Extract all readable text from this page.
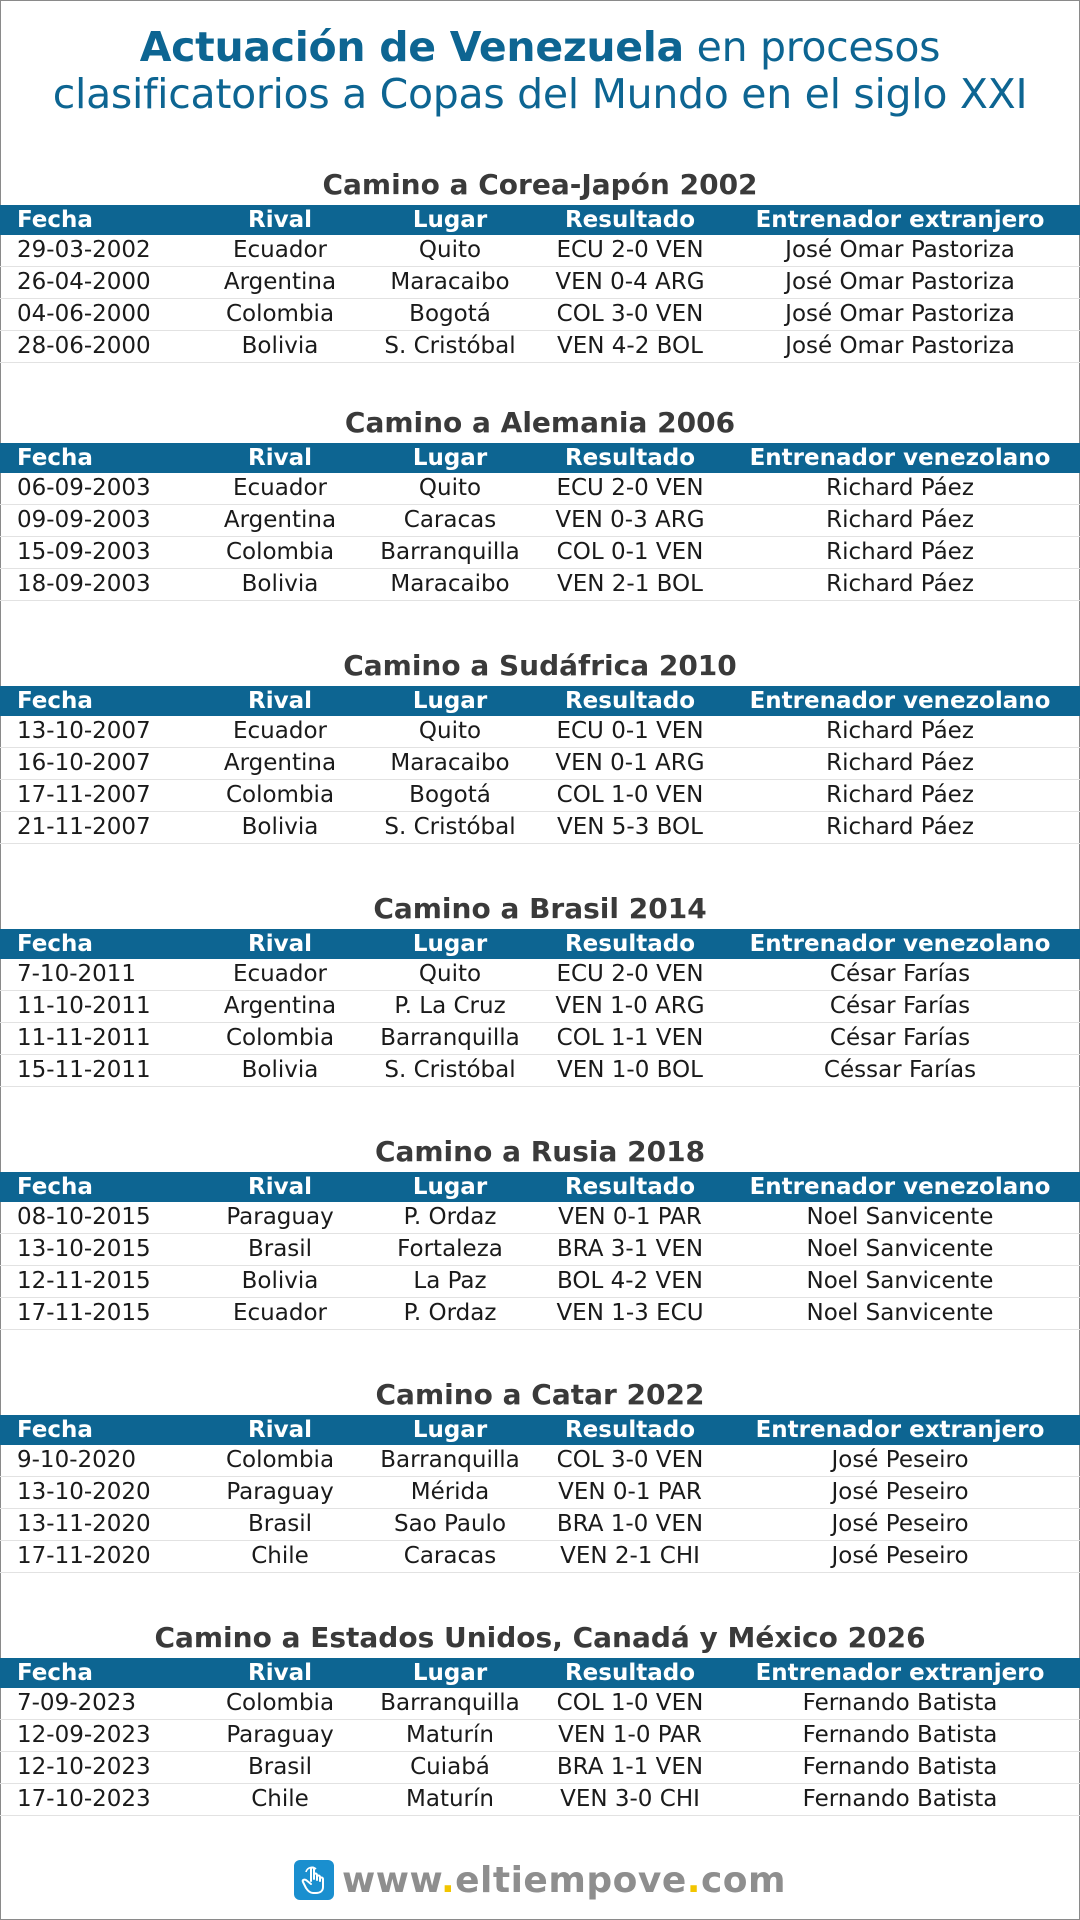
Actuación de Venezuela en procesos
clasificatorios a Copas del Mundo en el siglo XXI
Camino a Corea-Japón 2002
Fecha	Rival	Lugar	Resultado	Entrenador extranjero
29-03-2002	Ecuador	Quito	ECU 2-0 VEN	José Omar Pastoriza
26-04-2000	Argentina	Maracaibo	VEN 0-4 ARG	José Omar Pastoriza
04-06-2000	Colombia	Bogotá	COL 3-0 VEN	José Omar Pastoriza
28-06-2000	Bolivia	S. Cristóbal	VEN 4-2 BOL	José Omar Pastoriza
Camino a Alemania 2006
Fecha	Rival	Lugar	Resultado	Entrenador venezolano
06-09-2003	Ecuador	Quito	ECU 2-0 VEN	Richard Páez
09-09-2003	Argentina	Caracas	VEN 0-3 ARG	Richard Páez
15-09-2003	Colombia	Barranquilla	COL 0-1 VEN	Richard Páez
18-09-2003	Bolivia	Maracaibo	VEN 2-1 BOL	Richard Páez
Camino a Sudáfrica 2010
Fecha	Rival	Lugar	Resultado	Entrenador venezolano
13-10-2007	Ecuador	Quito	ECU 0-1 VEN	Richard Páez
16-10-2007	Argentina	Maracaibo	VEN 0-1 ARG	Richard Páez
17-11-2007	Colombia	Bogotá	COL 1-0 VEN	Richard Páez
21-11-2007	Bolivia	S. Cristóbal	VEN 5-3 BOL	Richard Páez
Camino a Brasil 2014
Fecha	Rival	Lugar	Resultado	Entrenador venezolano
7-10-2011	Ecuador	Quito	ECU 2-0 VEN	César Farías
11-10-2011	Argentina	P. La Cruz	VEN 1-0 ARG	César Farías
11-11-2011	Colombia	Barranquilla	COL 1-1 VEN	César Farías
15-11-2011	Bolivia	S. Cristóbal	VEN 1-0 BOL	Céssar Farías
Camino a Rusia 2018
Fecha	Rival	Lugar	Resultado	Entrenador venezolano
08-10-2015	Paraguay	P. Ordaz	VEN 0-1 PAR	Noel Sanvicente
13-10-2015	Brasil	Fortaleza	BRA 3-1 VEN	Noel Sanvicente
12-11-2015	Bolivia	La Paz	BOL 4-2 VEN	Noel Sanvicente
17-11-2015	Ecuador	P. Ordaz	VEN 1-3 ECU	Noel Sanvicente
Camino a Catar 2022
Fecha	Rival	Lugar	Resultado	Entrenador extranjero
9-10-2020	Colombia	Barranquilla	COL 3-0 VEN	José Peseiro
13-10-2020	Paraguay	Mérida	VEN 0-1 PAR	José Peseiro
13-11-2020	Brasil	Sao Paulo	BRA 1-0 VEN	José Peseiro
17-11-2020	Chile	Caracas	VEN 2-1 CHI	José Peseiro
Camino a Estados Unidos, Canadá y México 2026
Fecha	Rival	Lugar	Resultado	Entrenador extranjero
7-09-2023	Colombia	Barranquilla	COL 1-0 VEN	Fernando Batista
12-09-2023	Paraguay	Maturín	VEN 1-0 PAR	Fernando Batista
12-10-2023	Brasil	Cuiabá	BRA 1-1 VEN	Fernando Batista
17-10-2023	Chile	Maturín	VEN 3-0 CHI	Fernando Batista
www.eltiempove.com
